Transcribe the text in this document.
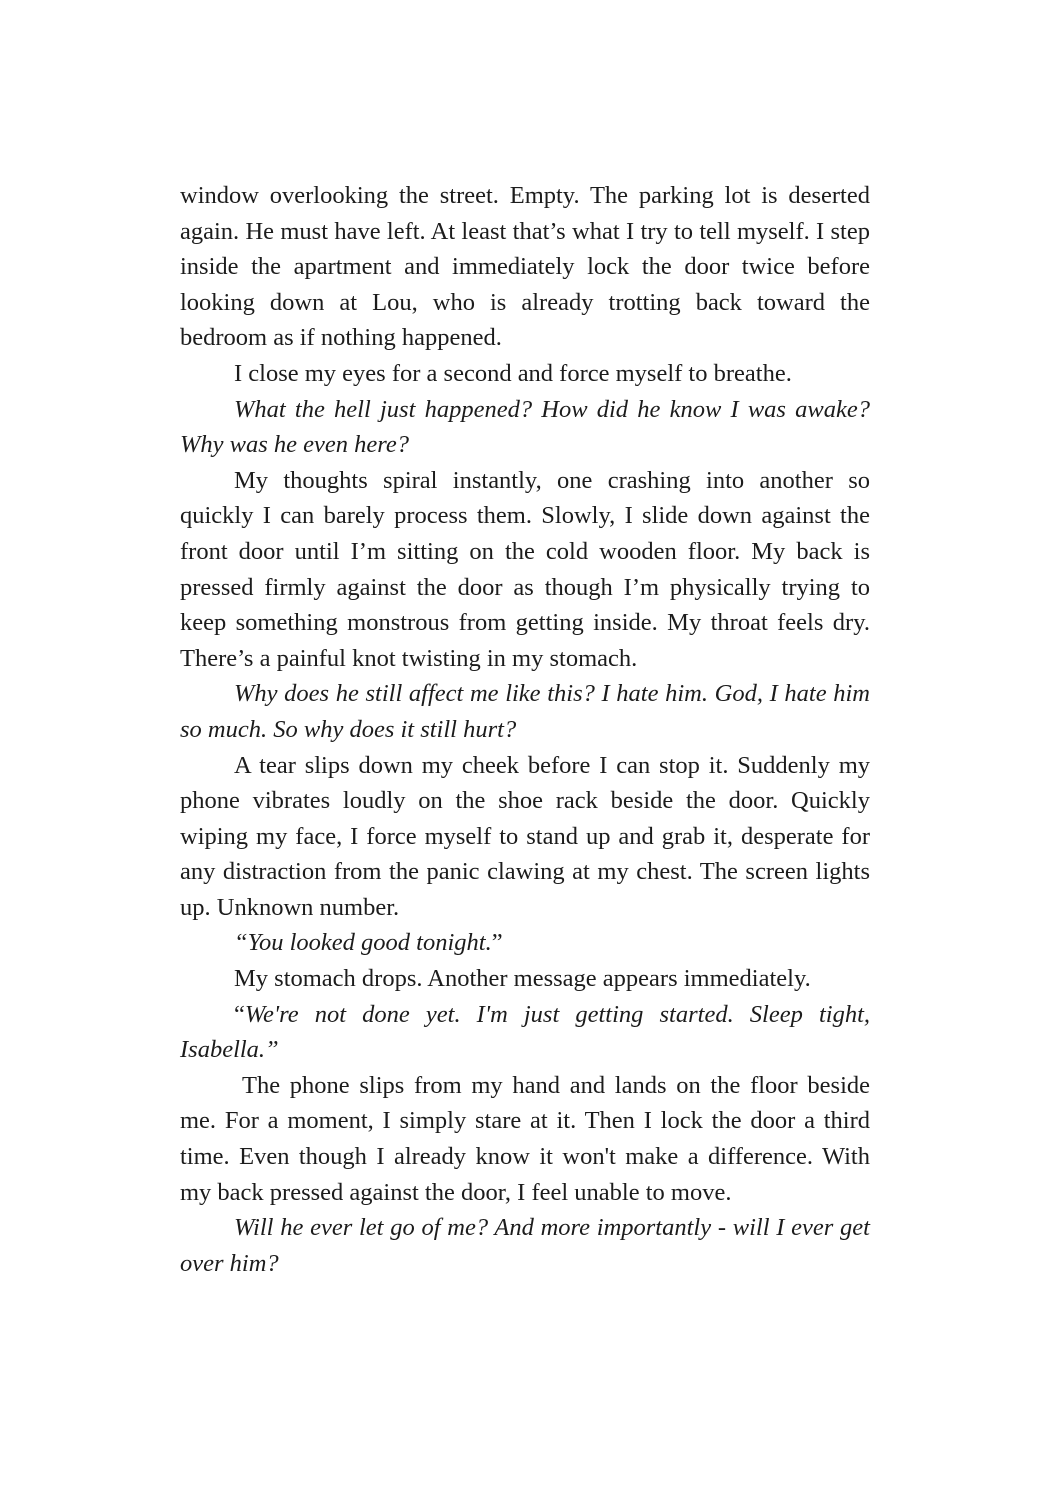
window overlooking the street. Empty. The parking lot is deserted again. He must have left. At least that’s what I try to tell myself. I step inside the apartment and immediately lock the door twice before looking down at Lou, who is already trotting back toward the bedroom as if nothing happened.

I close my eyes for a second and force myself to breathe.

What the hell just happened? How did he know I was awake? Why was he even here?

My thoughts spiral instantly, one crashing into another so quickly I can barely process them. Slowly, I slide down against the front door until I’m sitting on the cold wooden floor. My back is pressed firmly against the door as though I’m physically trying to keep something monstrous from getting inside. My throat feels dry. There’s a painful knot twisting in my stomach.

Why does he still affect me like this? I hate him. God, I hate him so much. So why does it still hurt?

A tear slips down my cheek before I can stop it. Suddenly my phone vibrates loudly on the shoe rack beside the door. Quickly wiping my face, I force myself to stand up and grab it, desperate for any distraction from the panic clawing at my chest. The screen lights up. Unknown number.

“You looked good tonight.”

My stomach drops. Another message appears immediately.

“We're not done yet. I'm just getting started. Sleep tight, Isabella.”

The phone slips from my hand and lands on the floor beside me. For a moment, I simply stare at it. Then I lock the door a third time. Even though I already know it won't make a difference. With my back pressed against the door, I feel unable to move.

Will he ever let go of me? And more importantly - will I ever get over him?
